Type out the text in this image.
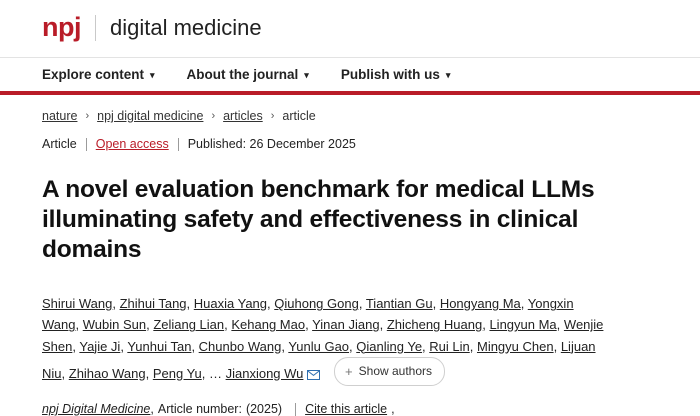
npj digital medicine
Explore content ▾ About the journal ▾ Publish with us ▾
nature › npj digital medicine › articles › article
Article Open access Published: 26 December 2025
A novel evaluation benchmark for medical LLMs illuminating safety and effectiveness in clinical domains
Shirui Wang, Zhihui Tang, Huaxia Yang, Qiuhong Gong, Tiantian Gu, Hongyang Ma, Yongxin Wang, Wubin Sun, Zeliang Lian, Kehang Mao, Yinan Jiang, Zhicheng Huang, Lingyun Ma, Wenjie Shen, Yajie Ji, Yunhui Tan, Chunbo Wang, Yunlu Gao, Qianling Ye, Rui Lin, Mingyu Chen, Lijuan Niu, Zhihao Wang, Peng Yu, … Jianxiong Wu	+ Show authors
npj Digital Medicine , Article number: (2025) Cite this article ,
